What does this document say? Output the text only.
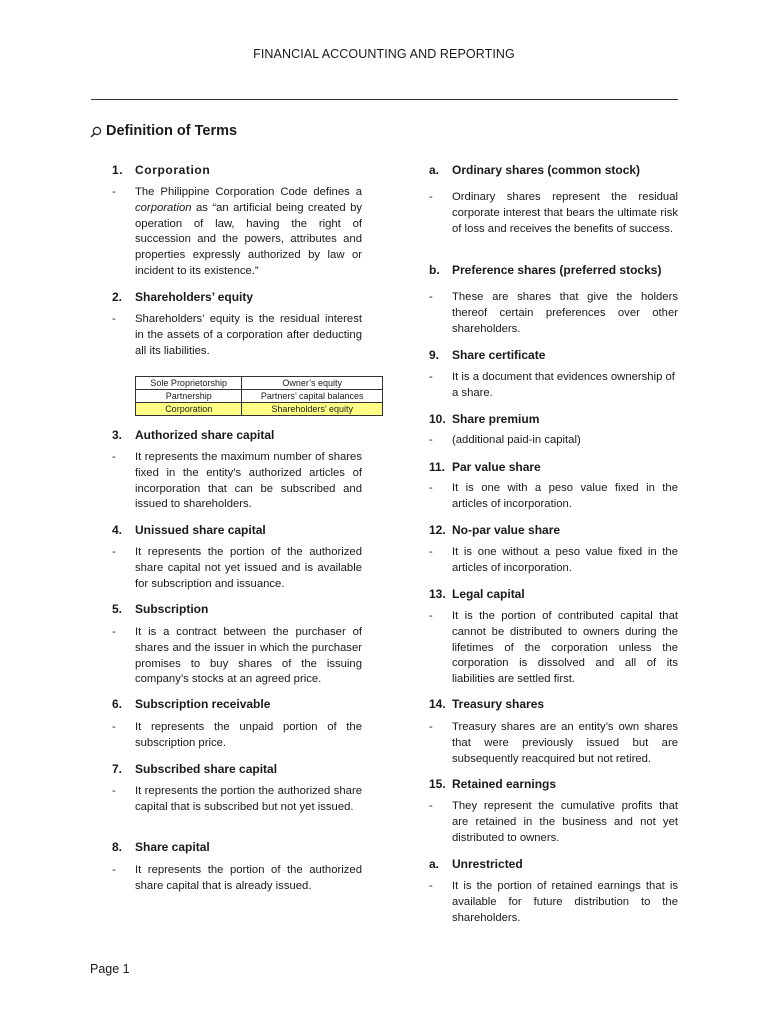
FINANCIAL ACCOUNTING AND REPORTING
Definition of Terms
1. Corporation
-	The Philippine Corporation Code defines a corporation as “an artificial being created by operation of law, having the right of succession and the powers, attributes and properties expressly authorized by law or incident to its existence.”
2.	Shareholders’ equity
-	Shareholders’ equity is the residual interest in the assets of a corporation after deducting all its liabilities.
Sole Proprietorship	Owner’s equity
Partnership	Partners’ capital balances
Corporation	Shareholders’ equity
3.	Authorized share capital
-	It represents the maximum number of shares fixed in the entity’s authorized articles of incorporation that can be subscribed and issued to shareholders.
4.	Unissued share capital
-	It represents the portion of the authorized share capital not yet issued and is available for subscription and issuance.
5.	Subscription
-	It is a contract between the purchaser of shares and the issuer in which the purchaser promises to buy shares of the issuing company’s stocks at an agreed price.
6.	Subscription receivable
-	It represents the unpaid portion of the subscription price.
7.	Subscribed share capital
-	It represents the portion the authorized share capital that is subscribed but not yet issued.
8.	Share capital
-	It represents the portion of the authorized share capital that is already issued.
a.	Ordinary shares (common stock)
-	Ordinary shares represent the residual corporate interest that bears the ultimate risk of loss and receives the benefits of success.
b.	Preference shares (preferred stocks)
-	These are shares that give the holders thereof certain preferences over other shareholders.
9.	Share certificate
-	It is a document that evidences ownership of a share.
10. Share premium
-	(additional paid-in capital)
11. Par value share
-	It is one with a peso value fixed in the articles of incorporation.
12. No-par value share
-	It is one without a peso value fixed in the articles of incorporation.
13. Legal capital
-	It is the portion of contributed capital that cannot be distributed to owners during the lifetimes of the corporation unless the corporation is dissolved and all of its liabilities are settled first.
14. Treasury shares
-	Treasury shares are an entity’s own shares that were previously issued but are subsequently reacquired but not retired.
15. Retained earnings
-	They represent the cumulative profits that are retained in the business and not yet distributed to owners.
a.	Unrestricted
-	It is the portion of retained earnings that is available for future distribution to the shareholders.
Page 1
